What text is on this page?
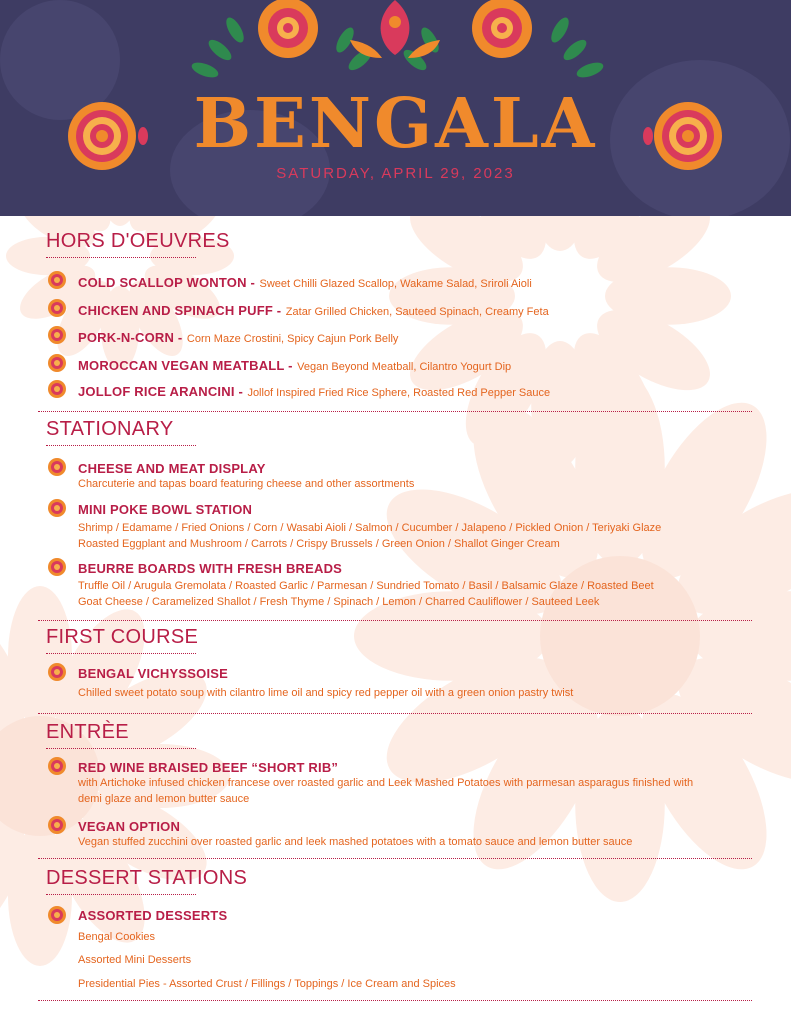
BENGALA
SATURDAY, APRIL 29, 2023
HORS D'OEUVRES
COLD SCALLOP WONTON - Sweet Chilli Glazed Scallop, Wakame Salad, Sriroli Aioli
CHICKEN AND SPINACH PUFF - Zatar Grilled Chicken, Sauteed Spinach, Creamy Feta
PORK-N-CORN - Corn Maze Crostini, Spicy Cajun Pork Belly
MOROCCAN VEGAN MEATBALL - Vegan Beyond Meatball, Cilantro Yogurt Dip
JOLLOF RICE ARANCINI - Jollof Inspired Fried Rice Sphere, Roasted Red Pepper Sauce
STATIONARY
CHEESE AND MEAT DISPLAY
Charcuterie and tapas board featuring cheese and other assortments
MINI POKE BOWL STATION
Shrimp / Edamame / Fried Onions / Corn / Wasabi Aioli / Salmon / Cucumber / Jalapeno / Pickled Onion / Teriyaki Glaze
Roasted Eggplant and Mushroom / Carrots / Crispy Brussels / Green Onion / Shallot Ginger Cream
BEURRE BOARDS WITH FRESH BREADS
Truffle Oil / Arugula Gremolata / Roasted Garlic / Parmesan / Sundried Tomato / Basil / Balsamic Glaze / Roasted Beet
Goat Cheese / Caramelized Shallot / Fresh Thyme / Spinach / Lemon / Charred Cauliflower / Sauteed Leek
FIRST COURSE
BENGAL VICHYSSOISE
Chilled sweet potato soup with cilantro lime oil and spicy red pepper oil with a green onion pastry twist
ENTRÈE
RED WINE BRAISED BEEF “SHORT RIB”
with Artichoke infused chicken francese over roasted garlic and Leek Mashed Potatoes with parmesan asparagus finished with
demi glaze and lemon butter sauce
VEGAN OPTION
Vegan stuffed zucchini over roasted garlic and leek mashed potatoes with a tomato sauce and lemon butter sauce
DESSERT STATIONS
ASSORTED DESSERTS
Bengal Cookies
Assorted Mini Desserts
Presidential Pies - Assorted Crust / Fillings / Toppings / Ice Cream and Spices
